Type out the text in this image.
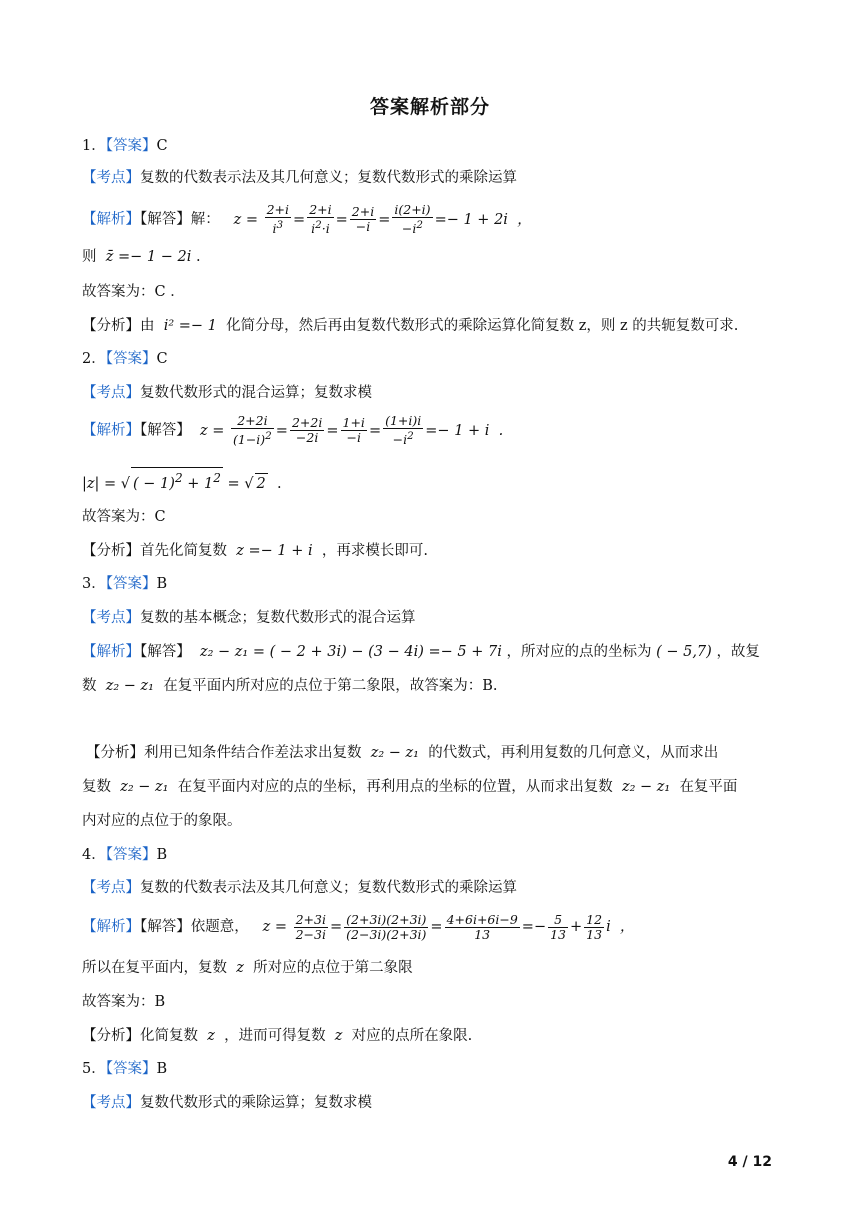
答案解析部分
1．【答案】C
【考点】复数的代数表示法及其几何意义；复数代数形式的乘除运算
【解析】【解答】解：   $z = \frac{2+i}{i^3} = \frac{2+i}{i^2\cdot i} = \frac{2+i}{-i} = \frac{i(2+i)}{-i^2} =- 1 + 2i$  ，
则 z̄ =− 1 − 2i .
故答案为：C ．
【分析】由 i² =− 1 化简分母，然后再由复数代数形式的乘除运算化简复数 z，则 z 的共轭复数可求.
2．【答案】C
【考点】复数代数形式的混合运算；复数求模
【解析】【解答】  $z = \frac{2+2i}{(1-i)^2} = \frac{2+2i}{-2i} = \frac{1+i}{-i} = \frac{(1+i)i}{-i^2} =- 1 + i$  .
|z| = √ ( − $1)^2 + 1^2$ = √ 2 .
故答案为：C
【分析】首先化简复数 z =− 1 + i ，再求模长即可.
3．【答案】B
【考点】复数的基本概念；复数代数形式的混合运算
【解析】【解答】 z₂ − z₁ = ( − 2 + 3i) − (3 − 4i) =− 5 + 7i ，所对应的点的坐标为 ( − 5,7) ，故复
数 z₂ − z₁ 在复平面内所对应的点位于第二象限，故答案为：B.
【分析】利用已知条件结合作差法求出复数 z₂ − z₁ 的代数式，再利用复数的几何意义，从而求出
复数 z₂ − z₁ 在复平面内对应的点的坐标，再利用点的坐标的位置，从而求出复数 z₂ − z₁ 在复平面
内对应的点位于的象限。
4．【答案】B
【考点】复数的代数表示法及其几何意义；复数代数形式的乘除运算
【解析】【解答】依题意，   $z = \frac{2+3i}{2-3i} = \frac{(2+3i)(2+3i)}{(2-3i)(2+3i)} = \frac{4+6i+6i-9}{13} =- \frac{5}{13} + \frac{12}{13}$ i  ，
所以在复平面内，复数 z 所对应的点位于第二象限
故答案为：B
【分析】化简复数 z ，进而可得复数 z 对应的点所在象限.
5．【答案】B
【考点】复数代数形式的乘除运算；复数求模
4 / 12
